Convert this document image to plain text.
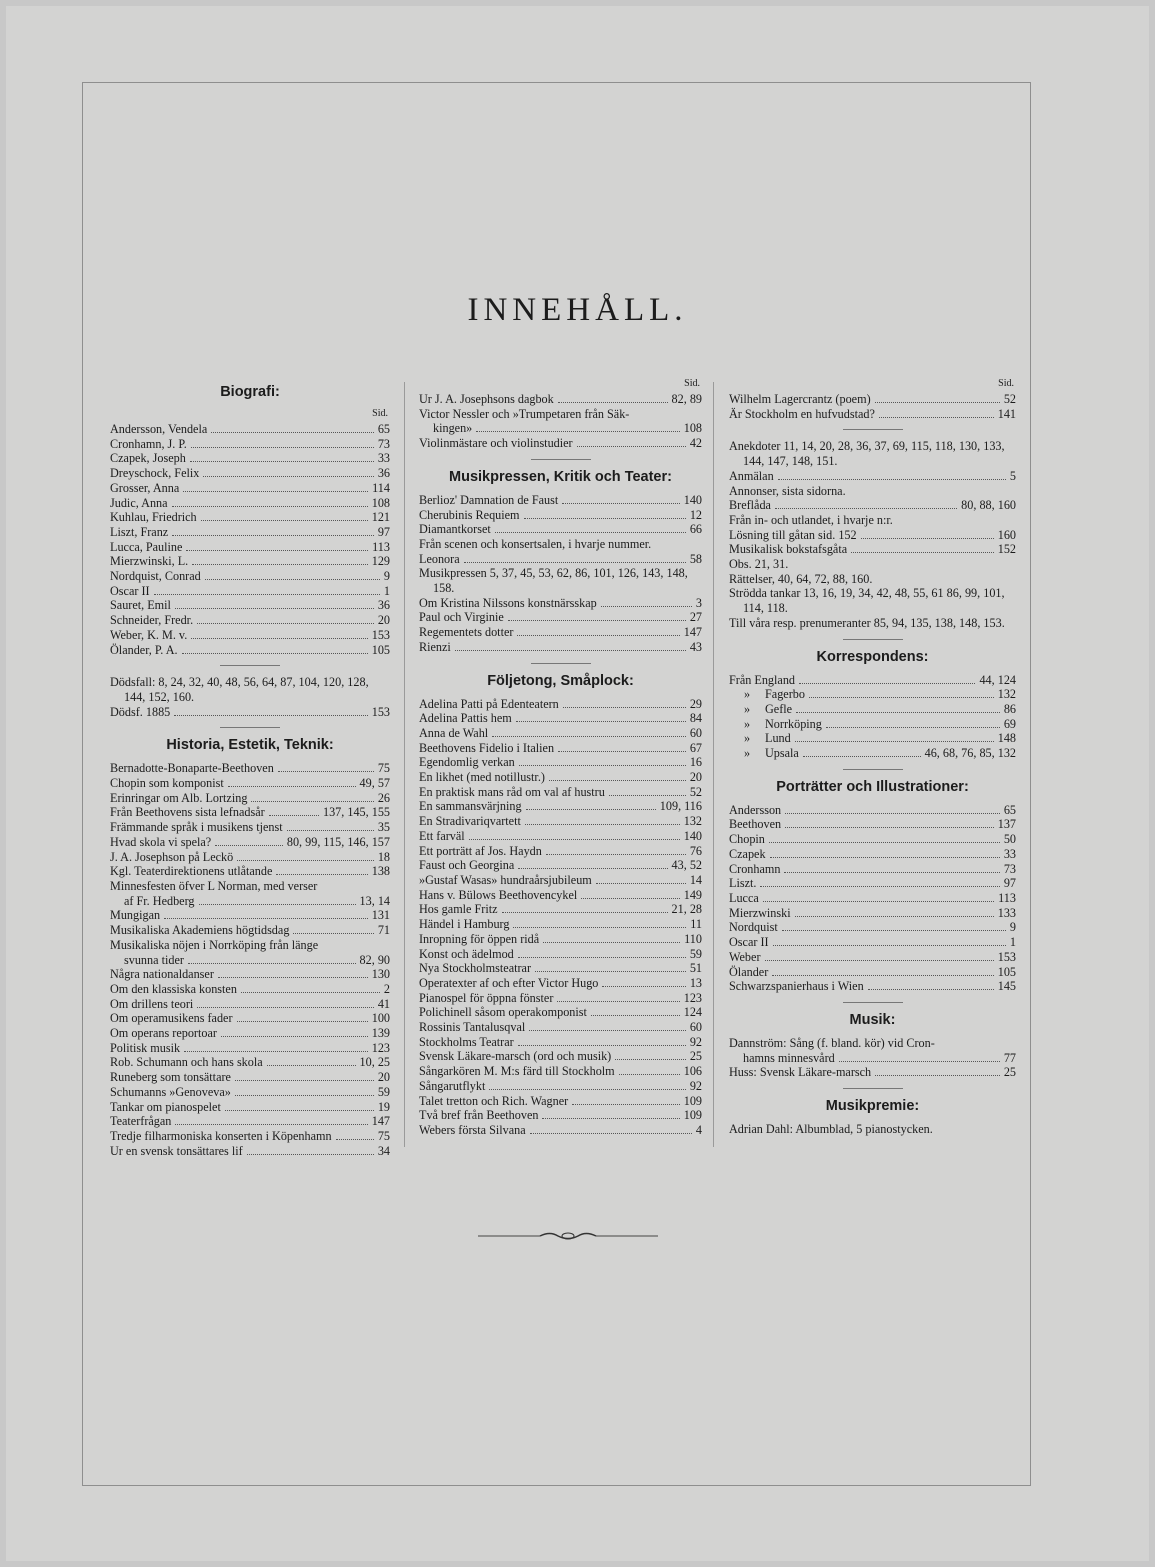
INNEHÅLL.
Biografi:
Sid.
Andersson, Vendela	65
Cronhamn, J. P.	73
Czapek, Joseph	33
Dreyschock, Felix	36
Grosser, Anna	114
Judic, Anna	108
Kuhlau, Friedrich	121
Liszt, Franz	97
Lucca, Pauline	113
Mierzwinski, L.	129
Nordquist, Conrad	9
Oscar II	1
Sauret, Emil	36
Schneider, Fredr.	20
Weber, K. M. v.	153
Ölander, P. A.	105
Dödsfall: 8, 24, 32, 40, 48, 56, 64, 87, 104, 120, 128, 144, 152, 160.
Dödsf. 1885	153
Historia, Estetik, Teknik:
Bernadotte-Bonaparte-Beethoven	75
Chopin som komponist	49, 57
Erinringar om Alb. Lortzing	26
Från Beethovens sista lefnadsår	137, 145, 155
Främmande språk i musikens tjenst	35
Hvad skola vi spela?	80, 99, 115, 146, 157
J. A. Josephson på Leckö	18
Kgl. Teaterdirektionens utlåtande	138
Minnesfesten öfver L Norman, med verser
af Fr. Hedberg	13, 14
Mungigan	131
Musikaliska Akademiens högtidsdag	71
Musikaliska nöjen i Norrköping från länge
svunna tider	82, 90
Några nationaldanser	130
Om den klassiska konsten	2
Om drillens teori	41
Om operamusikens fader	100
Om operans reportoar	139
Politisk musik	123
Rob. Schumann och hans skola	10, 25
Runeberg som tonsättare	20
Schumanns »Genoveva»	59
Tankar om pianospelet	19
Teaterfrågan	147
Tredje filharmoniska konserten i Köpenhamn	75
Ur en svensk tonsättares lif	34
Sid.
Ur J. A. Josephsons dagbok	82, 89
Victor Nessler och »Trumpetaren från Säk-
kingen»	108
Violinmästare och violinstudier	42
Musikpressen, Kritik och Teater:
Berlioz' Damnation de Faust	140
Cherubinis Requiem	12
Diamantkorset	66
Från scenen och konsertsalen, i hvarje nummer.
Leonora	58
Musikpressen 5, 37, 45, 53, 62, 86, 101, 126, 143, 148, 158.
Om Kristina Nilssons konstnärsskap	3
Paul och Virginie	27
Regementets dotter	147
Rienzi	43
Följetong, Småplock:
Adelina Patti på Edenteatern	29
Adelina Pattis hem	84
Anna de Wahl	60
Beethovens Fidelio i Italien	67
Egendomlig verkan	16
En likhet (med notillustr.)	20
En praktisk mans råd om val af hustru	52
En sammansvärjning	109, 116
En Stradivariqvartett	132
Ett farväl	140
Ett porträtt af Jos. Haydn	76
Faust och Georgina	43, 52
»Gustaf Wasas» hundraårsjubileum	14
Hans v. Bülows Beethovencykel	149
Hos gamle Fritz	21, 28
Händel i Hamburg	11
Inropning för öppen ridå	110
Konst och ädelmod	59
Nya Stockholmsteatrar	51
Operatexter af och efter Victor Hugo	13
Pianospel för öppna fönster	123
Polichinell såsom operakomponist	124
Rossinis Tantalusqval	60
Stockholms Teatrar	92
Svensk Läkare-marsch (ord och musik)	25
Sångarkören M. M:s färd till Stockholm	106
Sångarutflykt	92
Talet tretton och Rich. Wagner	109
Två bref från Beethoven	109
Webers första Silvana	4
Sid.
Wilhelm Lagercrantz (poem)	52
Är Stockholm en hufvudstad?	141
Anekdoter 11, 14, 20, 28, 36, 37, 69, 115, 118, 130, 133, 144, 147, 148, 151.
Anmälan	5
Annonser, sista sidorna.
Breflåda	80, 88, 160
Från in- och utlandet, i hvarje n:r.
Lösning till gåtan sid. 152	160
Musikalisk bokstafsgåta	152
Obs. 21, 31.
Rättelser, 40, 64, 72, 88, 160.
Strödda tankar 13, 16, 19, 34, 42, 48, 55, 61 86, 99, 101, 114, 118.
Till våra resp. prenumeranter 85, 94, 135, 138, 148, 153.
Korrespondens:
Från England	44, 124
»	Fagerbo	132
»	Gefle	86
»	Norrköping	69
»	Lund	148
»	Upsala	46, 68, 76, 85, 132
Porträtter och Illustrationer:
Andersson	65
Beethoven	137
Chopin	50
Czapek	33
Cronhamn	73
Liszt.	97
Lucca	113
Mierzwinski	133
Nordquist	9
Oscar II	1
Weber	153
Ölander	105
Schwarzspanierhaus i Wien	145
Musik:
Dannström: Sång (f. bland. kör) vid Cron-
hamns minnesvård	77
Huss: Svensk Läkare-marsch	25
Musikpremie:
Adrian Dahl: Albumblad, 5 pianostycken.
